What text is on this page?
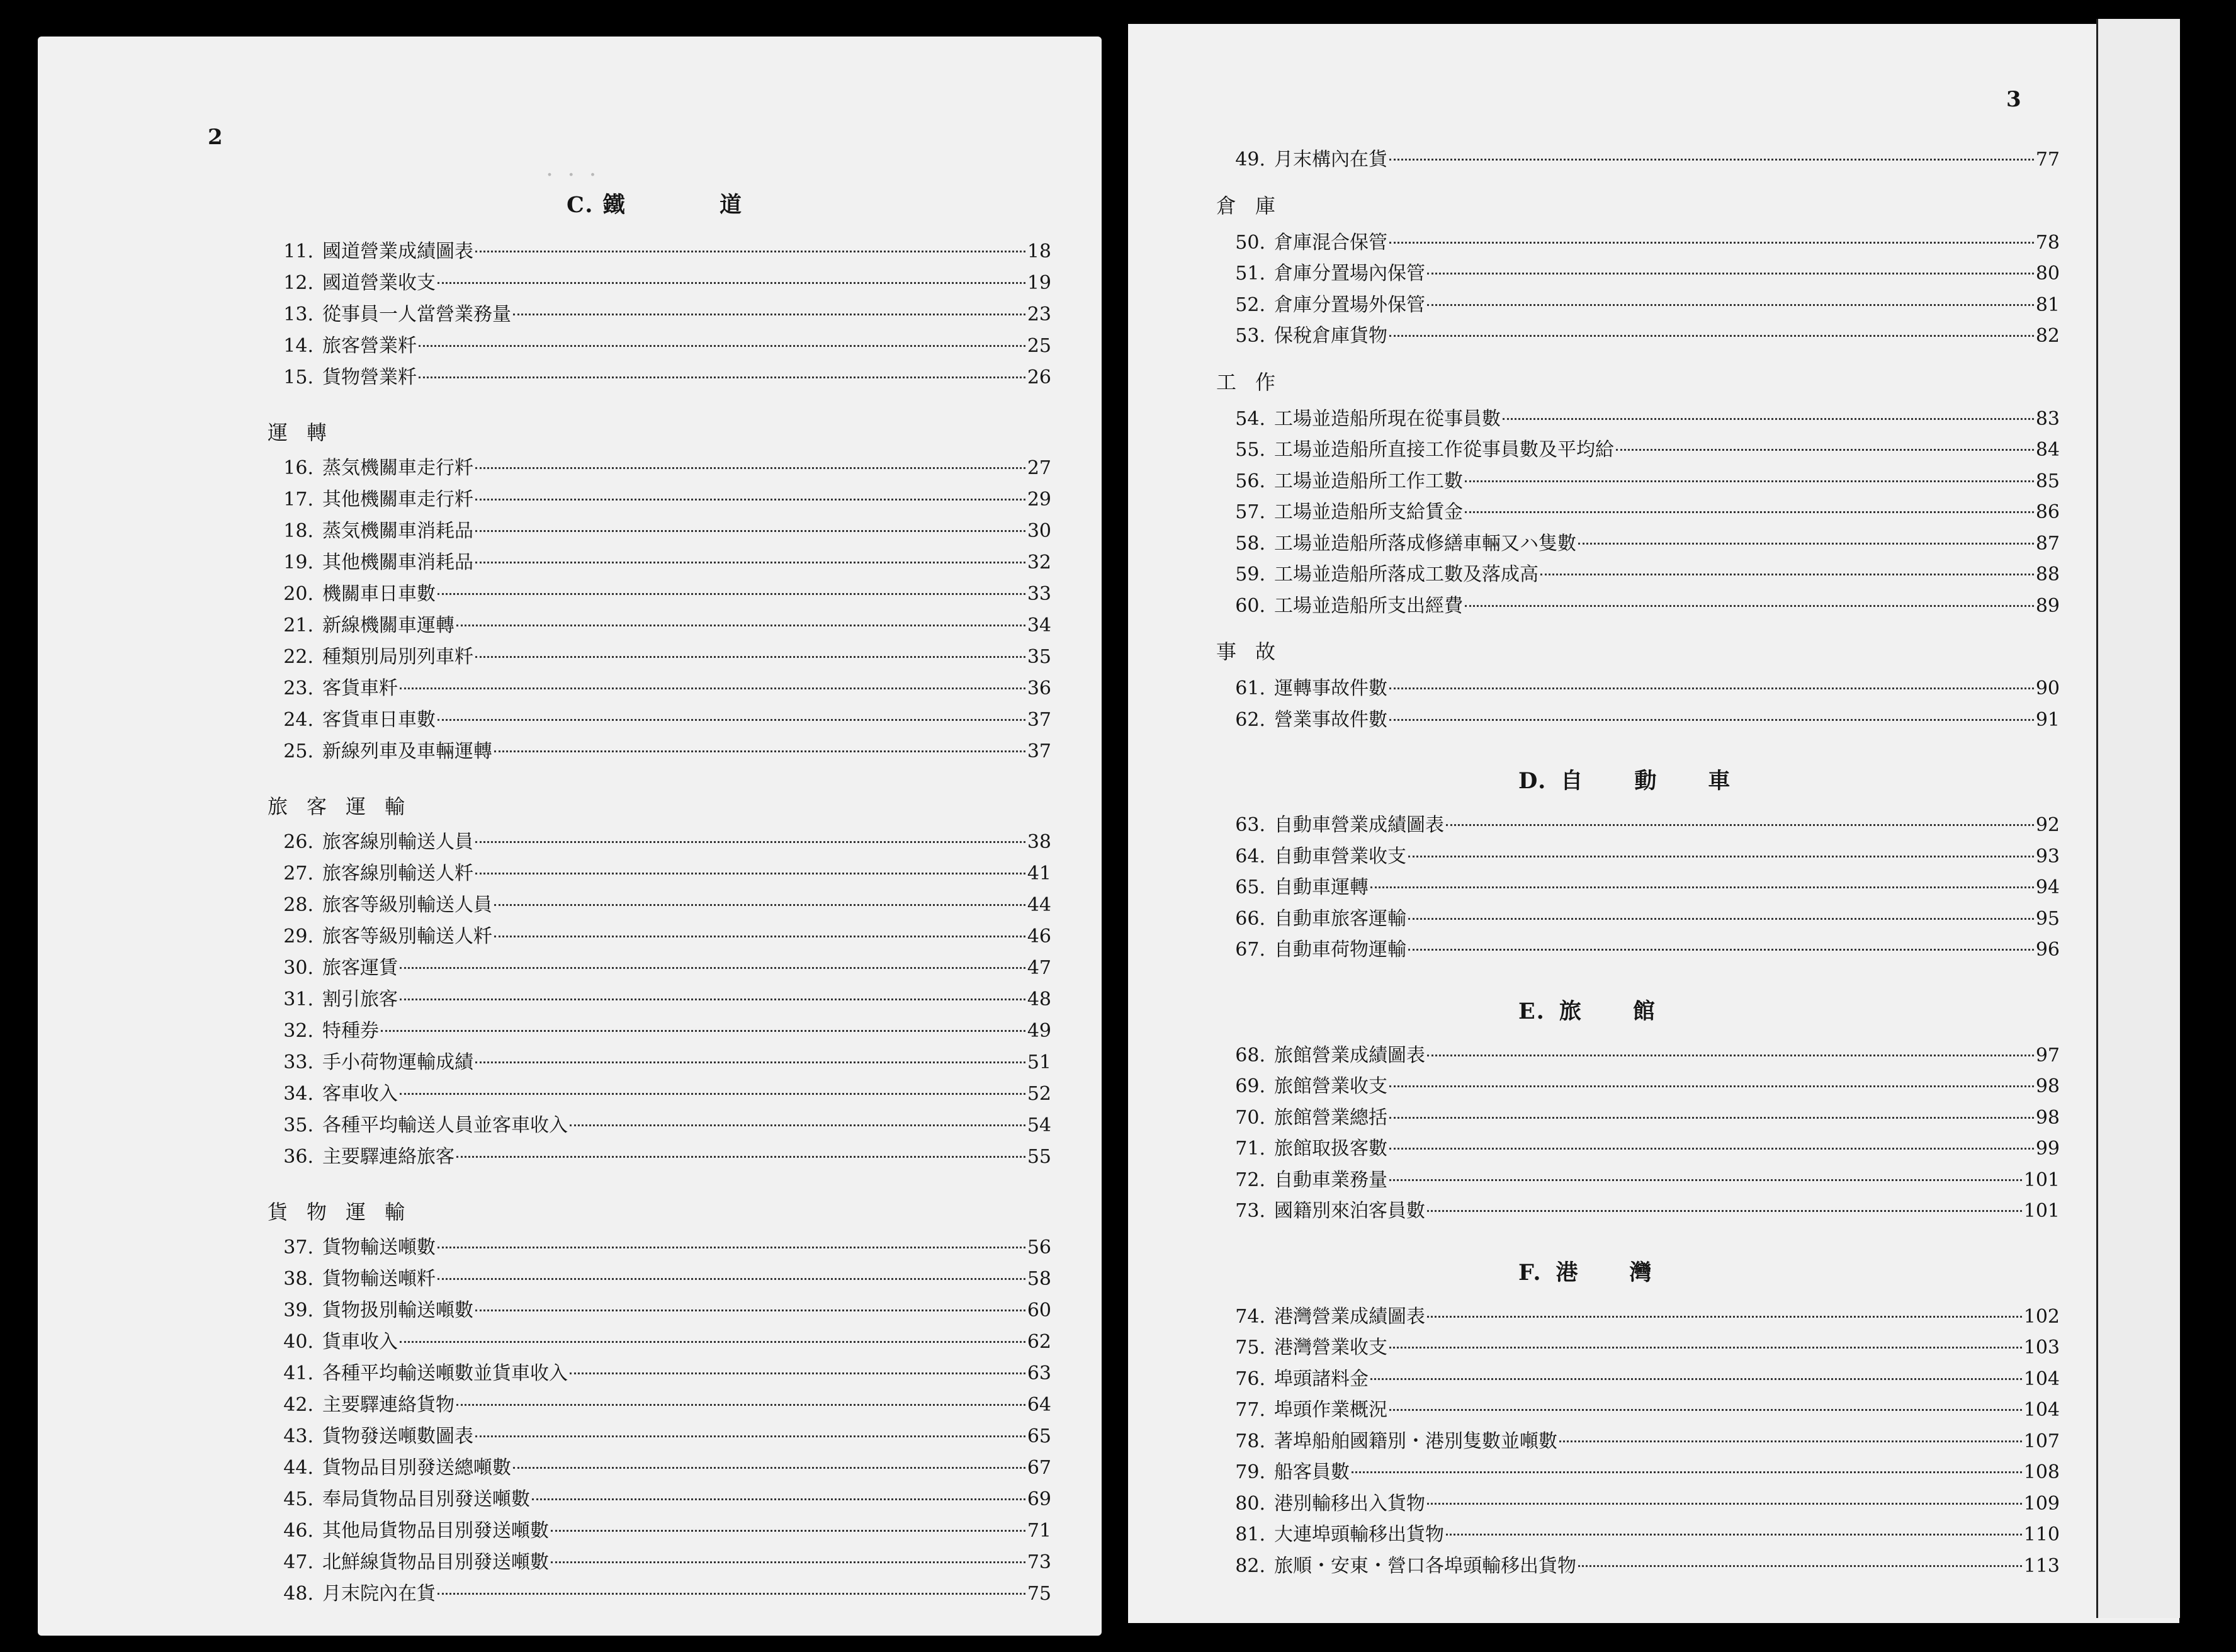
2
・ ・ ・
C. 鐵	道
11. 國道營業成績圖表	18
12. 國道營業收支	19
13. 從事員一人當營業務量	23
14. 旅客營業粁	25
15. 貨物營業粁	26
運轉
16. 蒸気機關車走行粁	27
17. 其他機關車走行粁	29
18. 蒸気機關車消耗品	30
19. 其他機關車消耗品	32
20. 機關車日車數	33
21. 新線機關車運轉	34
22. 種類別局別列車粁	35
23. 客貨車粁	36
24. 客貨車日車數	37
25. 新線列車及車輛運轉	37
旅客運輸
26. 旅客線別輸送人員	38
27. 旅客線別輸送人粁	41
28. 旅客等級別輸送人員	44
29. 旅客等級別輸送人粁	46
30. 旅客運賃	47
31. 割引旅客	48
32. 特種券	49
33. 手小荷物運輸成績	51
34. 客車收入	52
35. 各種平均輸送人員並客車收入	54
36. 主要驛連絡旅客	55
貨物運輸
37. 貨物輸送噸數	56
38. 貨物輸送噸粁	58
39. 貨物扱別輸送噸數	60
40. 貨車收入	62
41. 各種平均輸送噸數並貨車收入	63
42. 主要驛連絡貨物	64
43. 貨物發送噸數圖表	65
44. 貨物品目別發送總噸數	67
45. 奉局貨物品目別發送噸數	69
46. 其他局貨物品目別發送噸數	71
47. 北鮮線貨物品目別發送噸數	73
48. 月末院內在貨	75
3
49. 月末構內在貨	77
倉庫
50. 倉庫混合保管	78
51. 倉庫分置場內保管	80
52. 倉庫分置場外保管	81
53. 保稅倉庫貨物	82
工作
54. 工場並造船所現在從事員數	83
55. 工場並造船所直接工作從事員數及平均給	84
56. 工場並造船所工作工數	85
57. 工場並造船所支給賃金	86
58. 工場並造船所落成修繕車輛又ハ隻數	87
59. 工場並造船所落成工數及落成高	88
60. 工場並造船所支出經費	89
事故
61. 運轉事故件數	90
62. 營業事故件數	91
D. 自 動 車
63. 自動車營業成績圖表	92
64. 自動車營業收支	93
65. 自動車運轉	94
66. 自動車旅客運輸	95
67. 自動車荷物運輸	96
E. 旅 館
68. 旅館營業成績圖表	97
69. 旅館營業收支	98
70. 旅館營業總括	98
71. 旅館取扱客數	99
72. 自動車業務量	101
73. 國籍別來泊客員數	101
F. 港 灣
74. 港灣營業成績圖表	102
75. 港灣營業收支	103
76. 埠頭諸料金	104
77. 埠頭作業概況	104
78. 著埠船舶國籍別・港別隻數並噸數	107
79. 船客員數	108
80. 港別輸移出入貨物	109
81. 大連埠頭輸移出貨物	110
82. 旅順・安東・營口各埠頭輸移出貨物	113
